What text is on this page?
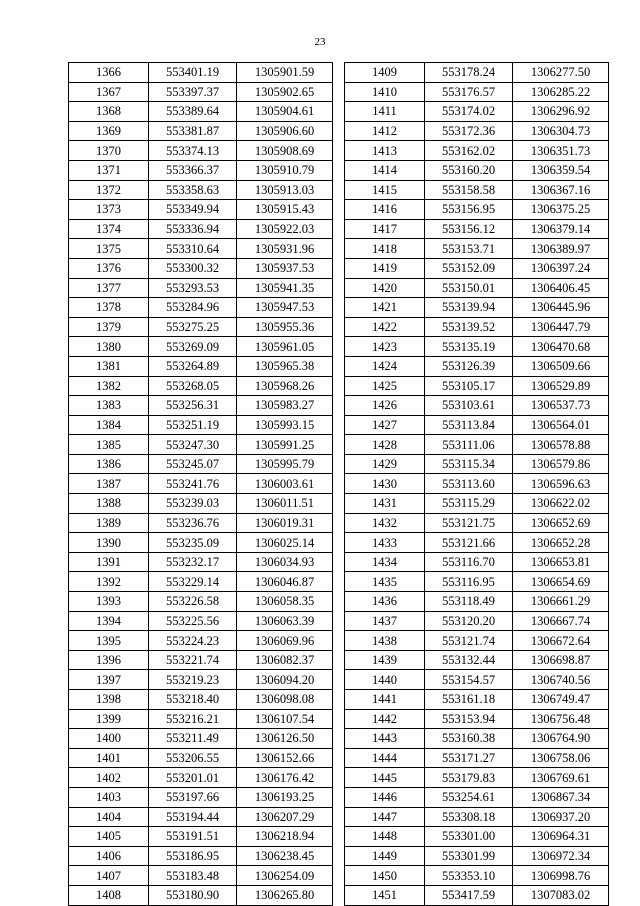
23
1366	553401.19	1305901.59
1367	553397.37	1305902.65
1368	553389.64	1305904.61
1369	553381.87	1305906.60
1370	553374.13	1305908.69
1371	553366.37	1305910.79
1372	553358.63	1305913.03
1373	553349.94	1305915.43
1374	553336.94	1305922.03
1375	553310.64	1305931.96
1376	553300.32	1305937.53
1377	553293.53	1305941.35
1378	553284.96	1305947.53
1379	553275.25	1305955.36
1380	553269.09	1305961.05
1381	553264.89	1305965.38
1382	553268.05	1305968.26
1383	553256.31	1305983.27
1384	553251.19	1305993.15
1385	553247.30	1305991.25
1386	553245.07	1305995.79
1387	553241.76	1306003.61
1388	553239.03	1306011.51
1389	553236.76	1306019.31
1390	553235.09	1306025.14
1391	553232.17	1306034.93
1392	553229.14	1306046.87
1393	553226.58	1306058.35
1394	553225.56	1306063.39
1395	553224.23	1306069.96
1396	553221.74	1306082.37
1397	553219.23	1306094.20
1398	553218.40	1306098.08
1399	553216.21	1306107.54
1400	553211.49	1306126.50
1401	553206.55	1306152.66
1402	553201.01	1306176.42
1403	553197.66	1306193.25
1404	553194.44	1306207.29
1405	553191.51	1306218.94
1406	553186.95	1306238.45
1407	553183.48	1306254.09
1408	553180.90	1306265.80
1409	553178.24	1306277.50
1410	553176.57	1306285.22
1411	553174.02	1306296.92
1412	553172.36	1306304.73
1413	553162.02	1306351.73
1414	553160.20	1306359.54
1415	553158.58	1306367.16
1416	553156.95	1306375.25
1417	553156.12	1306379.14
1418	553153.71	1306389.97
1419	553152.09	1306397.24
1420	553150.01	1306406.45
1421	553139.94	1306445.96
1422	553139.52	1306447.79
1423	553135.19	1306470.68
1424	553126.39	1306509.66
1425	553105.17	1306529.89
1426	553103.61	1306537.73
1427	553113.84	1306564.01
1428	553111.06	1306578.88
1429	553115.34	1306579.86
1430	553113.60	1306596.63
1431	553115.29	1306622.02
1432	553121.75	1306652.69
1433	553121.66	1306652.28
1434	553116.70	1306653.81
1435	553116.95	1306654.69
1436	553118.49	1306661.29
1437	553120.20	1306667.74
1438	553121.74	1306672.64
1439	553132.44	1306698.87
1440	553154.57	1306740.56
1441	553161.18	1306749.47
1442	553153.94	1306756.48
1443	553160.38	1306764.90
1444	553171.27	1306758.06
1445	553179.83	1306769.61
1446	553254.61	1306867.34
1447	553308.18	1306937.20
1448	553301.00	1306964.31
1449	553301.99	1306972.34
1450	553353.10	1306998.76
1451	553417.59	1307083.02
